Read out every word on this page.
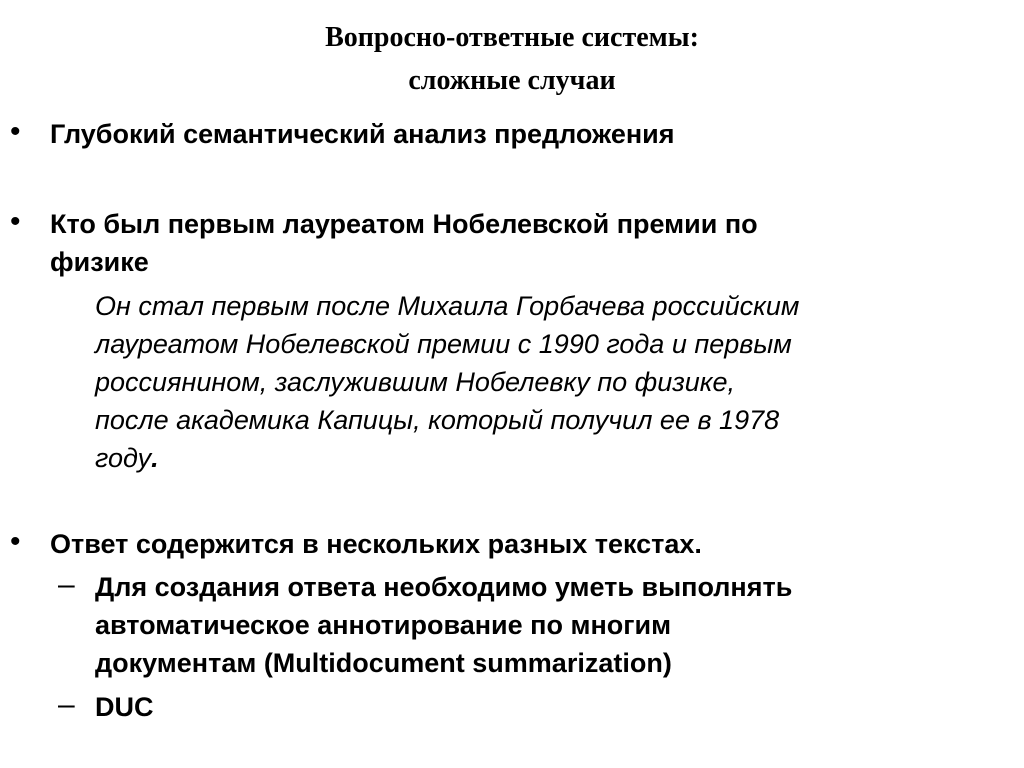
Вопросно-ответные системы:
сложные случаи
• Глубокий семантический анализ предложения
• Кто был первым лауреатом Нобелевской премии по
физике
Он стал первым после Михаила Горбачева российским
лауреатом Нобелевской премии с 1990 года и первым
россиянином, заслужившим Нобелевку по физике,
после академика Капицы, который получил ее в 1978
году.
• Ответ содержится в нескольких разных текстах.
– Для создания ответа необходимо уметь выполнять
автоматическое аннотирование по многим
документам (Multidocument summarization)
– DUC
